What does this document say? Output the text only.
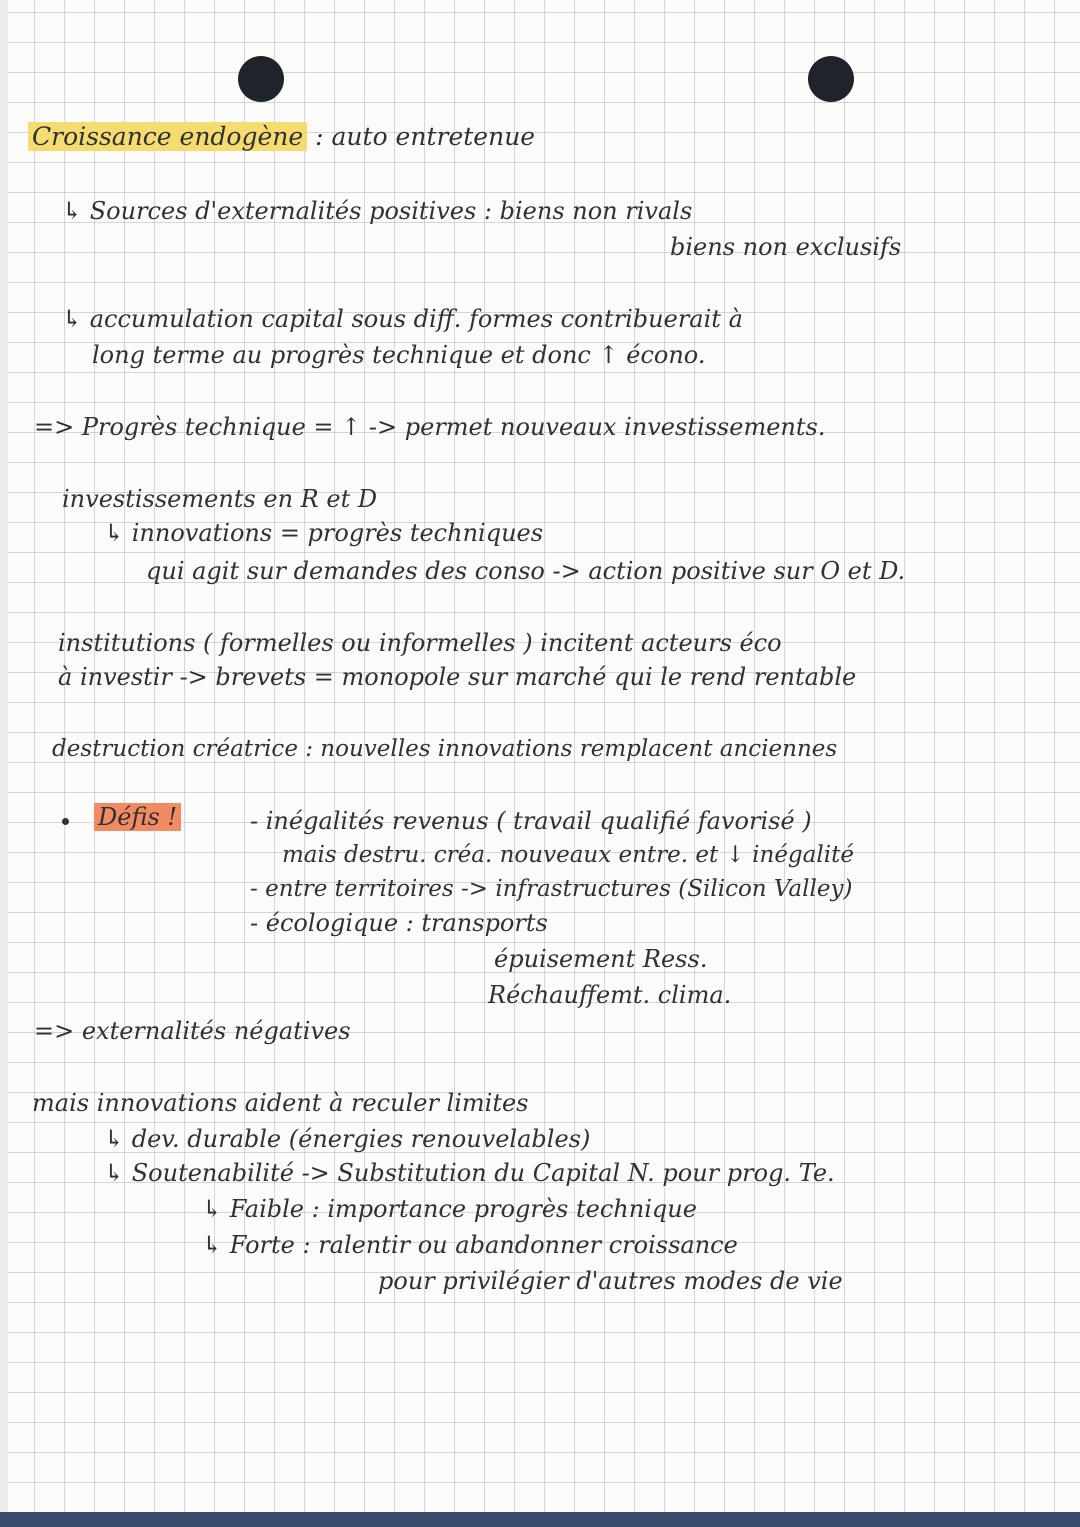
Croissance endogène : auto entretenue
↳ Sources d'externalités positives : biens non rivals
biens non exclusifs
↳ accumulation capital sous diff. formes contribuerait à
long terme au progrès technique et donc ↑ écono.
=> Progrès technique = ↑ -> permet nouveaux investissements.
investissements en R et D
↳ innovations = progrès techniques
qui agit sur demandes des conso -> action positive sur O et D.
institutions ( formelles ou informelles ) incitent acteurs éco
à investir -> brevets = monopole sur marché qui le rend rentable
destruction créatrice : nouvelles innovations remplacent anciennes
Défis !	- inégalités revenus ( travail qualifié favorisé )
mais destru. créa. nouveaux entre. et ↓ inégalité
- entre territoires -> infrastructures (Silicon Valley)
- écologique : transports
épuisement Ress.
Réchauffemt. clima.
=> externalités négatives
mais innovations aident à reculer limites
↳ dev. durable (énergies renouvelables)
↳ Soutenabilité -> Substitution du Capital N. pour prog. Te.
↳ Faible : importance progrès technique
↳ Forte : ralentir ou abandonner croissance
pour privilégier d'autres modes de vie
